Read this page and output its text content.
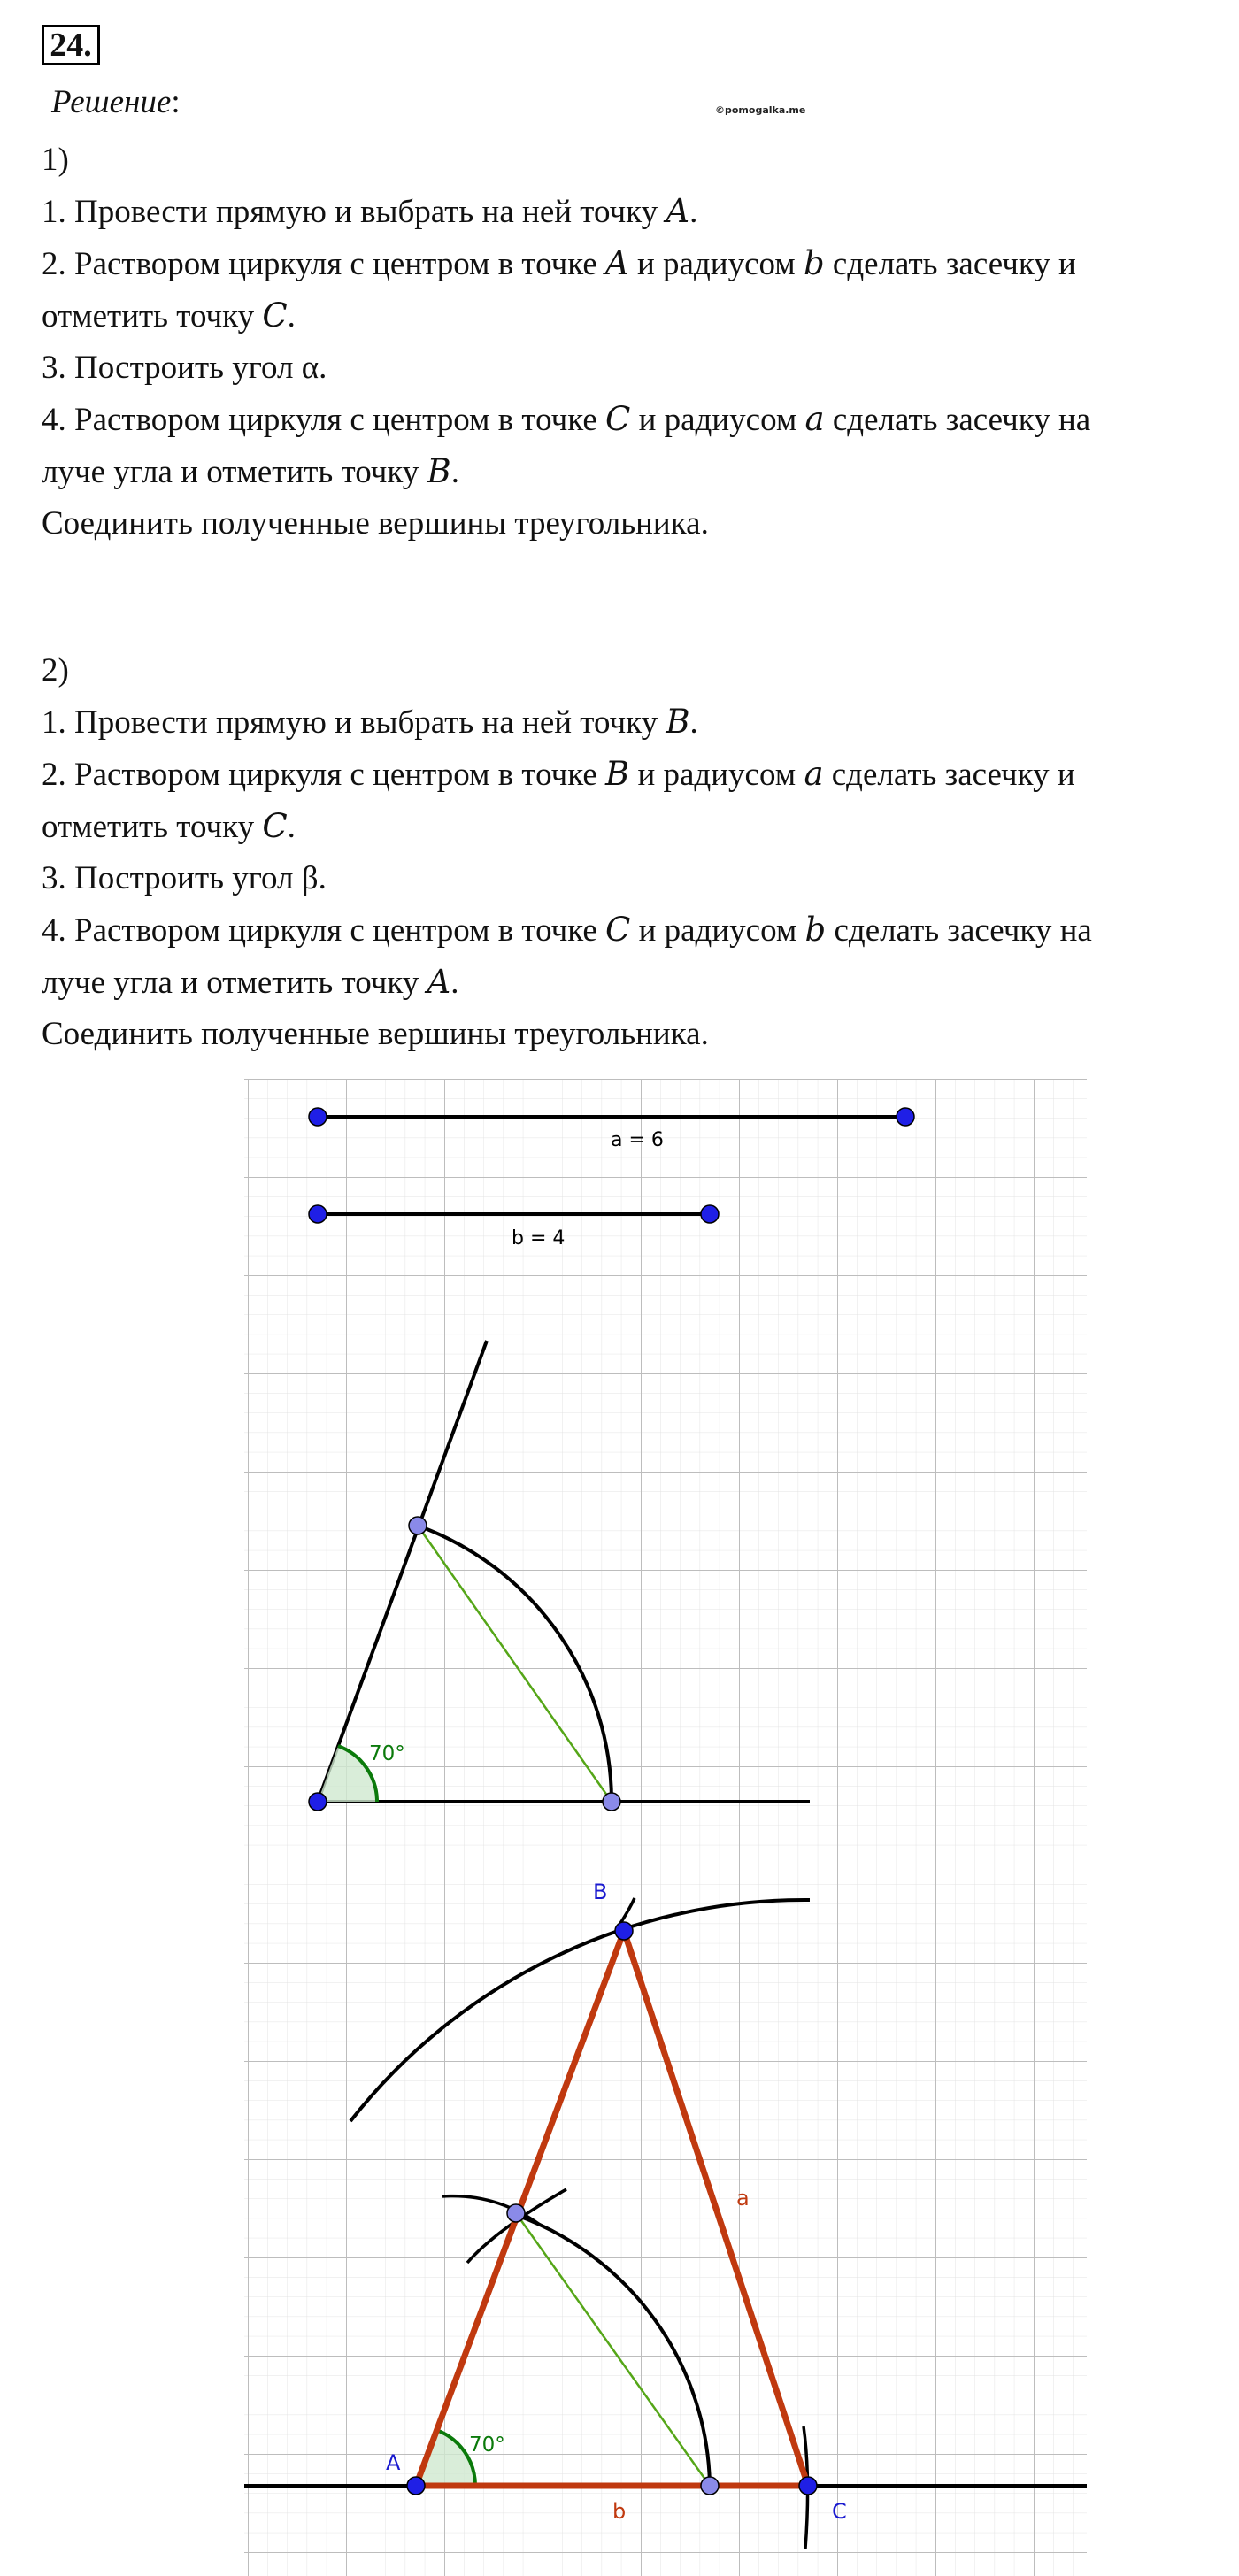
24.
Решение:	©pomogalka.me

1)

1. Провести прямую и выбрать на ней точку A.

2. Раствором циркуля с центром в точке A и радиусом b сделать засечку и

отметить точку C.

3. Построить угол α.

4. Раствором циркуля с центром в точке C и радиусом a сделать засечку на

луче угла и отметить точку B.

Соединить полученные вершины треугольника.

2)

1. Провести прямую и выбрать на ней точку B.

2. Раствором циркуля с центром в точке B и радиусом a сделать засечку и

отметить точку C.

3. Построить угол β.

4. Раствором циркуля с центром в точке C и радиусом b сделать засечку на

луче угла и отметить точку A.

Соединить полученные вершины треугольника.

a = 6
b = 4
70°
70°
A
B
C
a
b
